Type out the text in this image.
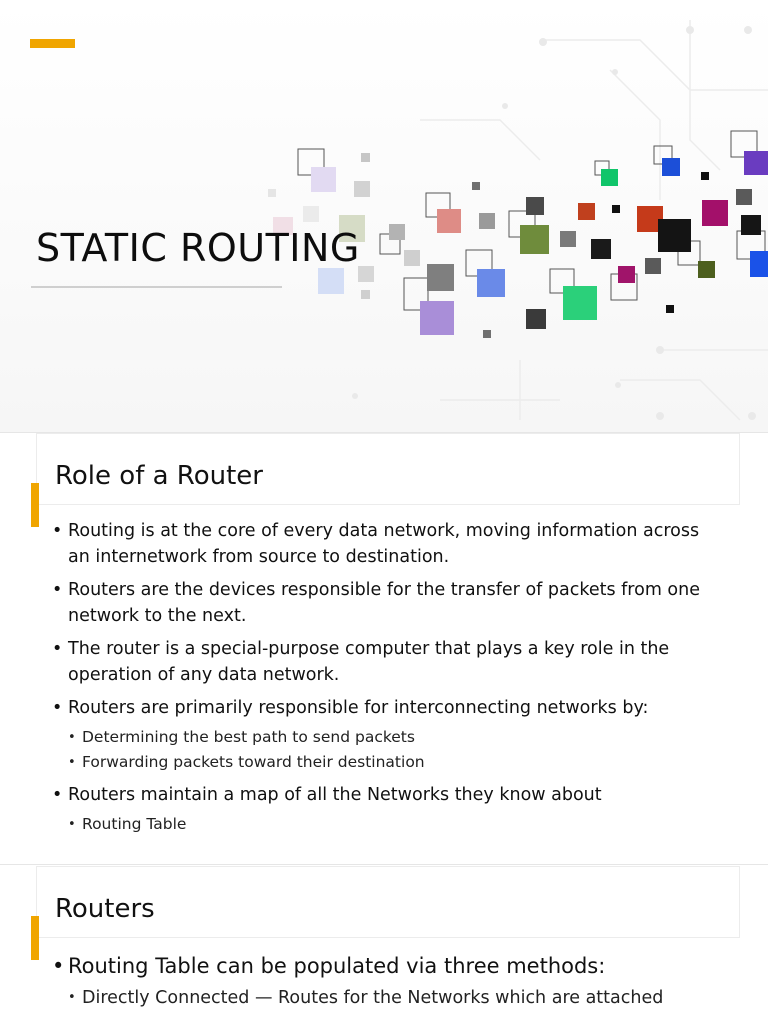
STATIC ROUTING
Role of a Router
• Routing is at the core of every data network, moving information across an internetwork from source to destination.
• Routers are the devices responsible for the transfer of packets from one network to the next.
• The router is a special-purpose computer that plays a key role in the operation of any data network.
• Routers are primarily responsible for interconnecting networks by:
• Determining the best path to send packets
• Forwarding packets toward their destination
• Routers maintain a map of all the Networks they know about
• Routing Table
Routers
• Routing Table can be populated via three methods:
• Directly Connected — Routes for the Networks which are attached
